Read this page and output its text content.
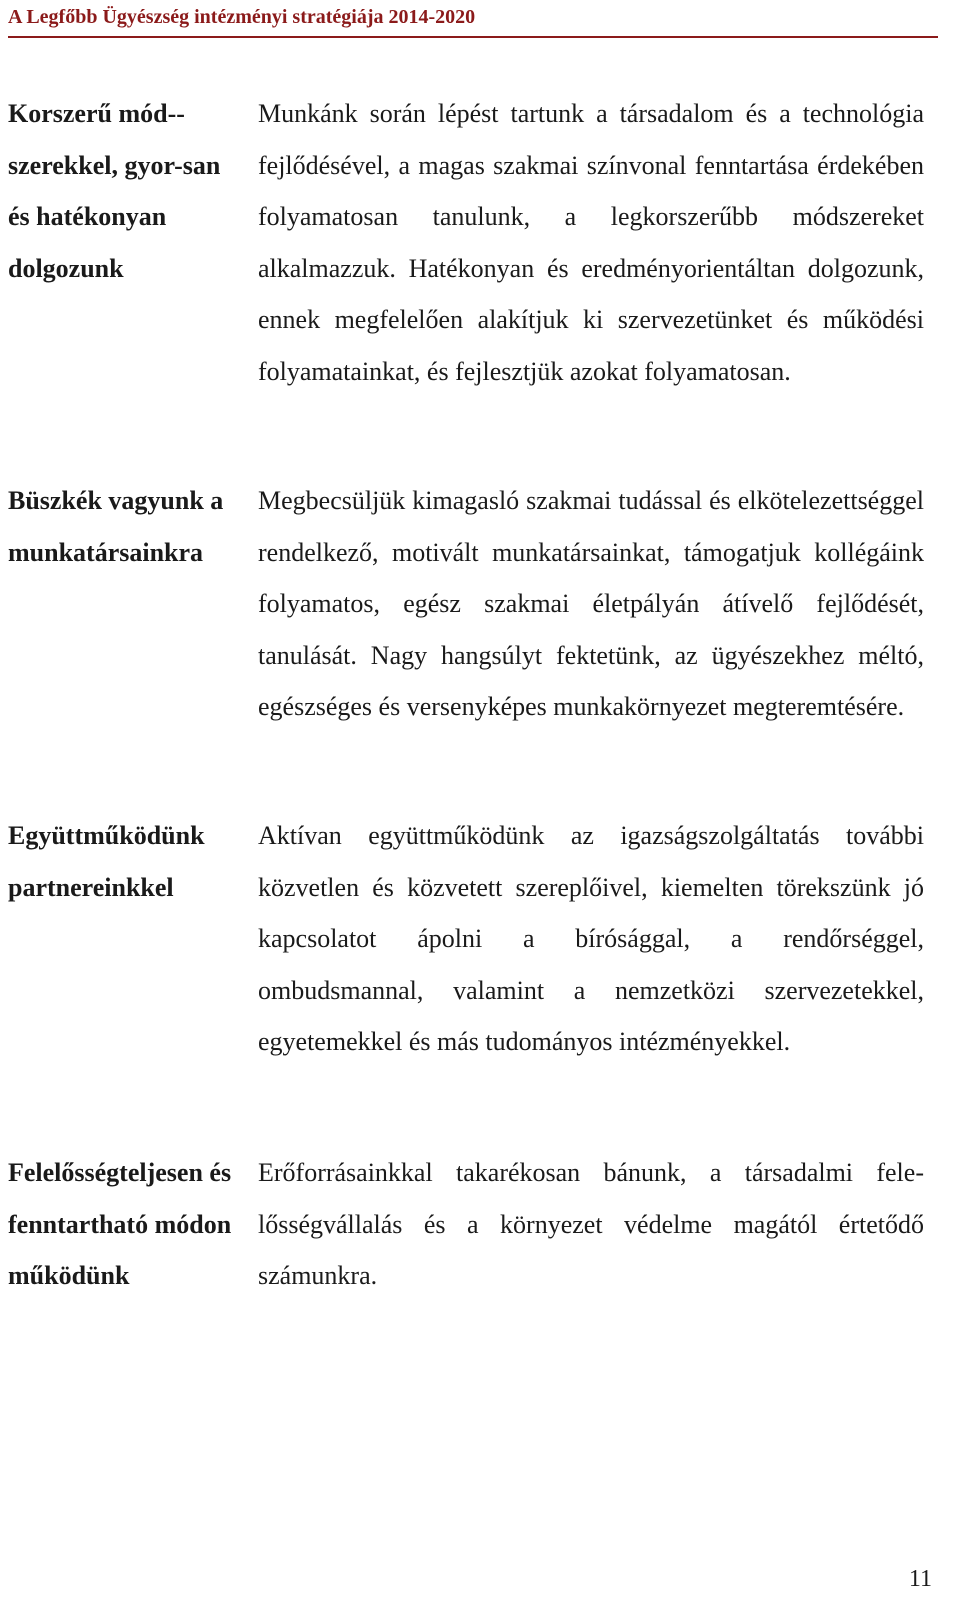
A Legfőbb Ügyészség intézményi stratégiája 2014-2020
Korszerű mód-szerekkel, gyor-san és hatékonyan dolgozunk
Munkánk során lépést tartunk a társadalom és a technológia fejlődésével, a magas szakmai színvonal fenntartása érdekében folyamatosan tanulunk, a legkorszerűbb módszereket alkalmazzuk. Hatékonyan és eredményorientáltan dolgozunk, ennek megfelelően alakítjuk ki szervezetünket és működési folyamatainkat, és fejlesztjük azokat folyamatosan.
Büszkék vagyunk a munkatársainkra
Megbecsüljük kimagasló szakmai tudással és elkötelezettséggel rendelkező, motivált munkatársainkat, támogatjuk kollégáink folyamatos, egész szakmai életpályán átívelő fejlődését, tanulását. Nagy hangsúlyt fektetünk, az ügyészekhez méltó, egészséges és versenyképes munkakörnyezet megteremtésére.
Együttműködünk partnereinkkel
Aktívan együttműködünk az igazságszolgáltatás további közvetlen és közvetett szereplőivel, kiemelten törekszünk jó kapcsolatot ápolni a bírósággal, a rendőrséggel, ombudsmannal, valamint a nemzetközi szervezetekkel, egyetemekkel és más tudományos intézményekkel.
Felelősségteljesen és fenntartható módon működünk
Erőforrásainkkal takarékosan bánunk, a társadalmi felelősségvállalás és a környezet védelme magától értetődő számunkra.
11
